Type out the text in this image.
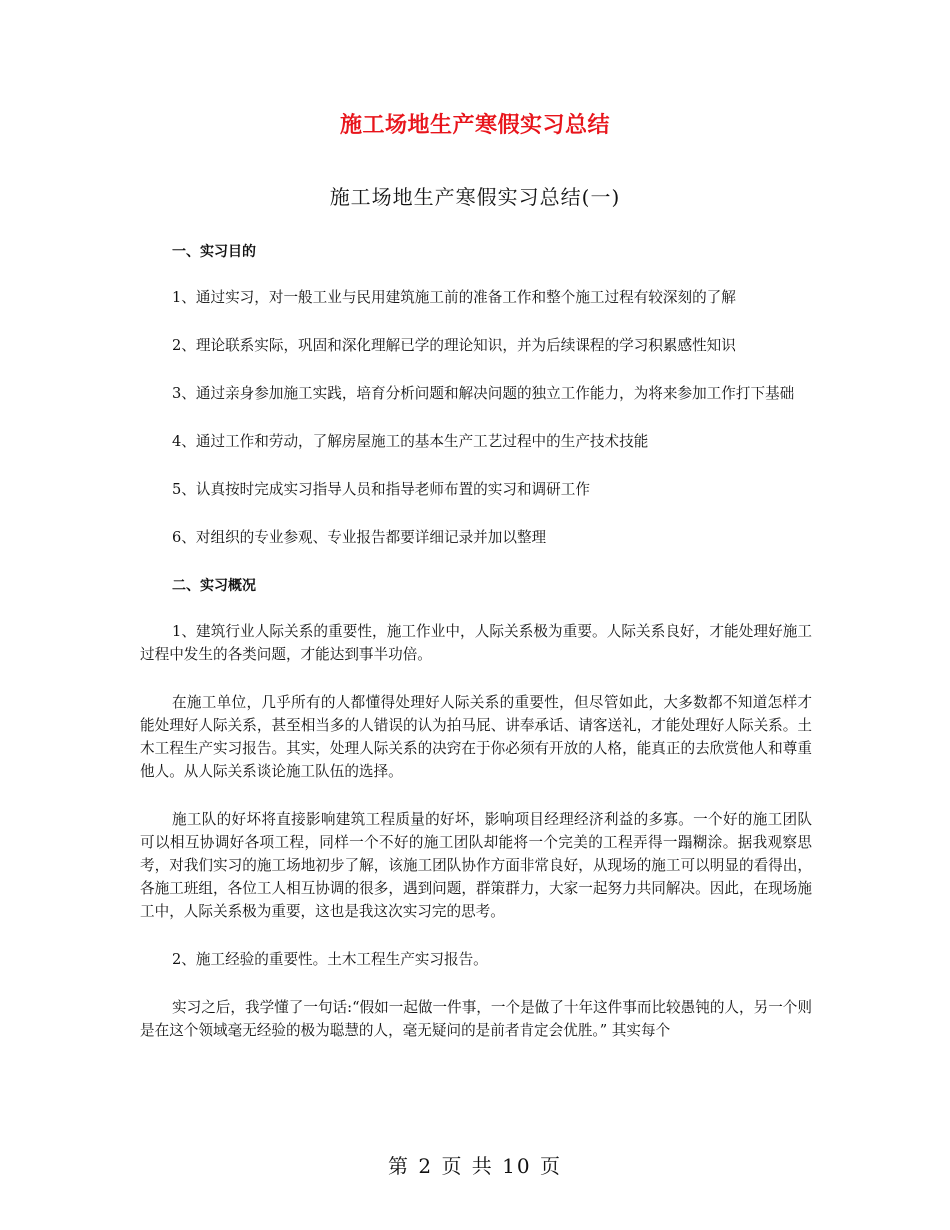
施工场地生产寒假实习总结
施工场地生产寒假实习总结(一)
一、实习目的

1、通过实习，对一般工业与民用建筑施工前的准备工作和整个施工过程有较深刻的了解

2、理论联系实际，巩固和深化理解已学的理论知识，并为后续课程的学习积累感性知识

3、通过亲身参加施工实践，培育分析问题和解决问题的独立工作能力，为将来参加工作打下基础

4、通过工作和劳动，了解房屋施工的基本生产工艺过程中的生产技术技能

5、认真按时完成实习指导人员和指导老师布置的实习和调研工作

6、对组织的专业参观、专业报告都要详细记录并加以整理

二、实习概况

1、建筑行业人际关系的重要性，施工作业中，人际关系极为重要。人际关系良好，才能处理好施工过程中发生的各类问题，才能达到事半功倍。

在施工单位，几乎所有的人都懂得处理好人际关系的重要性，但尽管如此，大多数都不知道怎样才能处理好人际关系，甚至相当多的人错误的认为拍马屁、讲奉承话、请客送礼，才能处理好人际关系。土木工程生产实习报告。其实，处理人际关系的决窍在于你必须有开放的人格，能真正的去欣赏他人和尊重他人。从人际关系谈论施工队伍的选择。

施工队的好坏将直接影响建筑工程质量的好坏，影响项目经理经济利益的多寡。一个好的施工团队可以相互协调好各项工程，同样一个不好的施工团队却能将一个完美的工程弄得一蹋糊涂。据我观察思考，对我们实习的施工场地初步了解，该施工团队协作方面非常良好，从现场的施工可以明显的看得出，各施工班组，各位工人相互协调的很多，遇到问题，群策群力，大家一起努力共同解决。因此，在现场施工中，人际关系极为重要，这也是我这次实习完的思考。

2、施工经验的重要性。土木工程生产实习报告。

实习之后，我学懂了一句话:“假如一起做一件事，一个是做了十年这件事而比较愚钝的人，另一个则是在这个领域毫无经验的极为聪慧的人，毫无疑问的是前者肯定会优胜。” 其实每个

第 2 页 共 10 页
